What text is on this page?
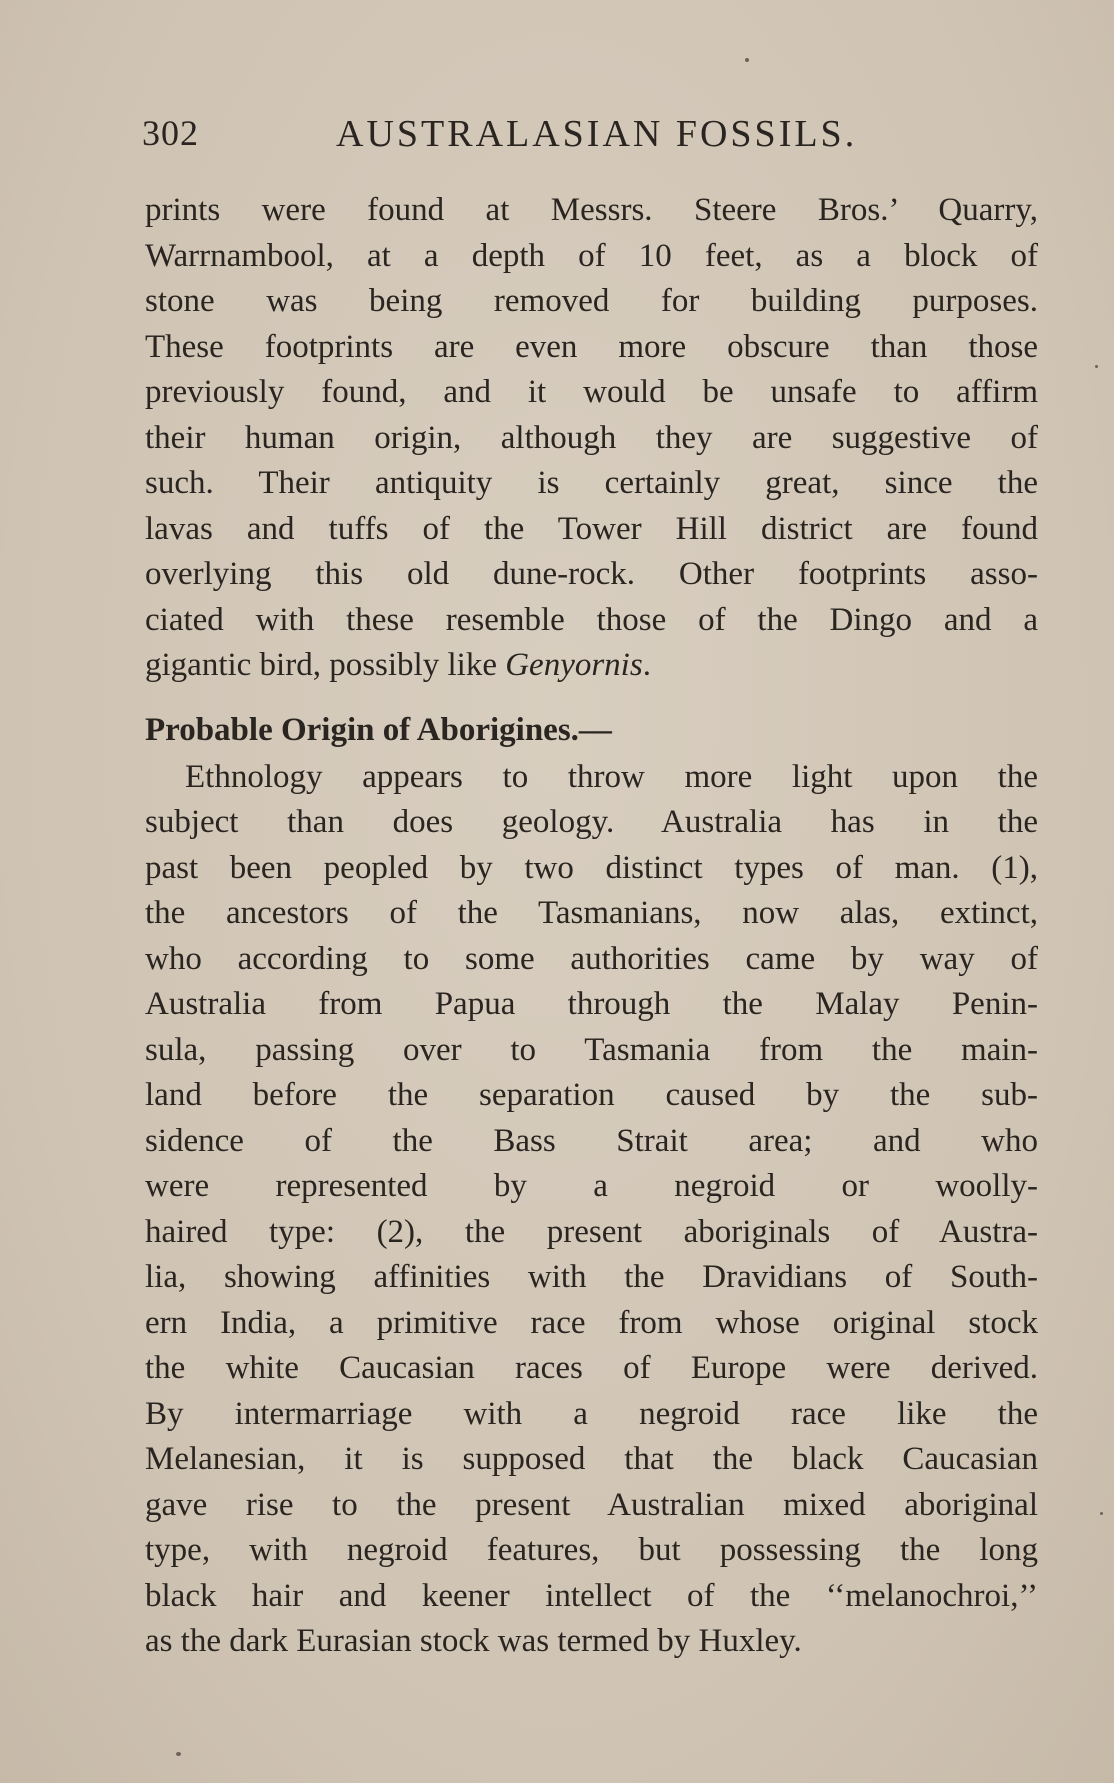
302	AUSTRALASIAN FOSSILS.
prints were found at Messrs. Steere Bros.’ Quarry,
Warrnambool, at a depth of 10 feet, as a block of
stone was being removed for building purposes.
These footprints are even more obscure than those
previously found, and it would be unsafe to affirm
their human origin, although they are suggestive of
such. Their antiquity is certainly great, since the
lavas and tuffs of the Tower Hill district are found
overlying this old dune-rock. Other footprints asso-
ciated with these resemble those of the Dingo and a
gigantic bird, possibly like Genyornis.
Probable Origin of Aborigines.—
Ethnology appears to throw more light upon the
subject than does geology. Australia has in the
past been peopled by two distinct types of man. (1),
the ancestors of the Tasmanians, now alas, extinct,
who according to some authorities came by way of
Australia from Papua through the Malay Penin-
sula, passing over to Tasmania from the main-
land before the separation caused by the sub-
sidence of the Bass Strait area; and who
were represented by a negroid or woolly-
haired type: (2), the present aboriginals of Austra-
lia, showing affinities with the Dravidians of South-
ern India, a primitive race from whose original stock
the white Caucasian races of Europe were derived.
By intermarriage with a negroid race like the
Melanesian, it is supposed that the black Caucasian
gave rise to the present Australian mixed aboriginal
type, with negroid features, but possessing the long
black hair and keener intellect of the ‘‘melanochroi,’’
as the dark Eurasian stock was termed by Huxley.
